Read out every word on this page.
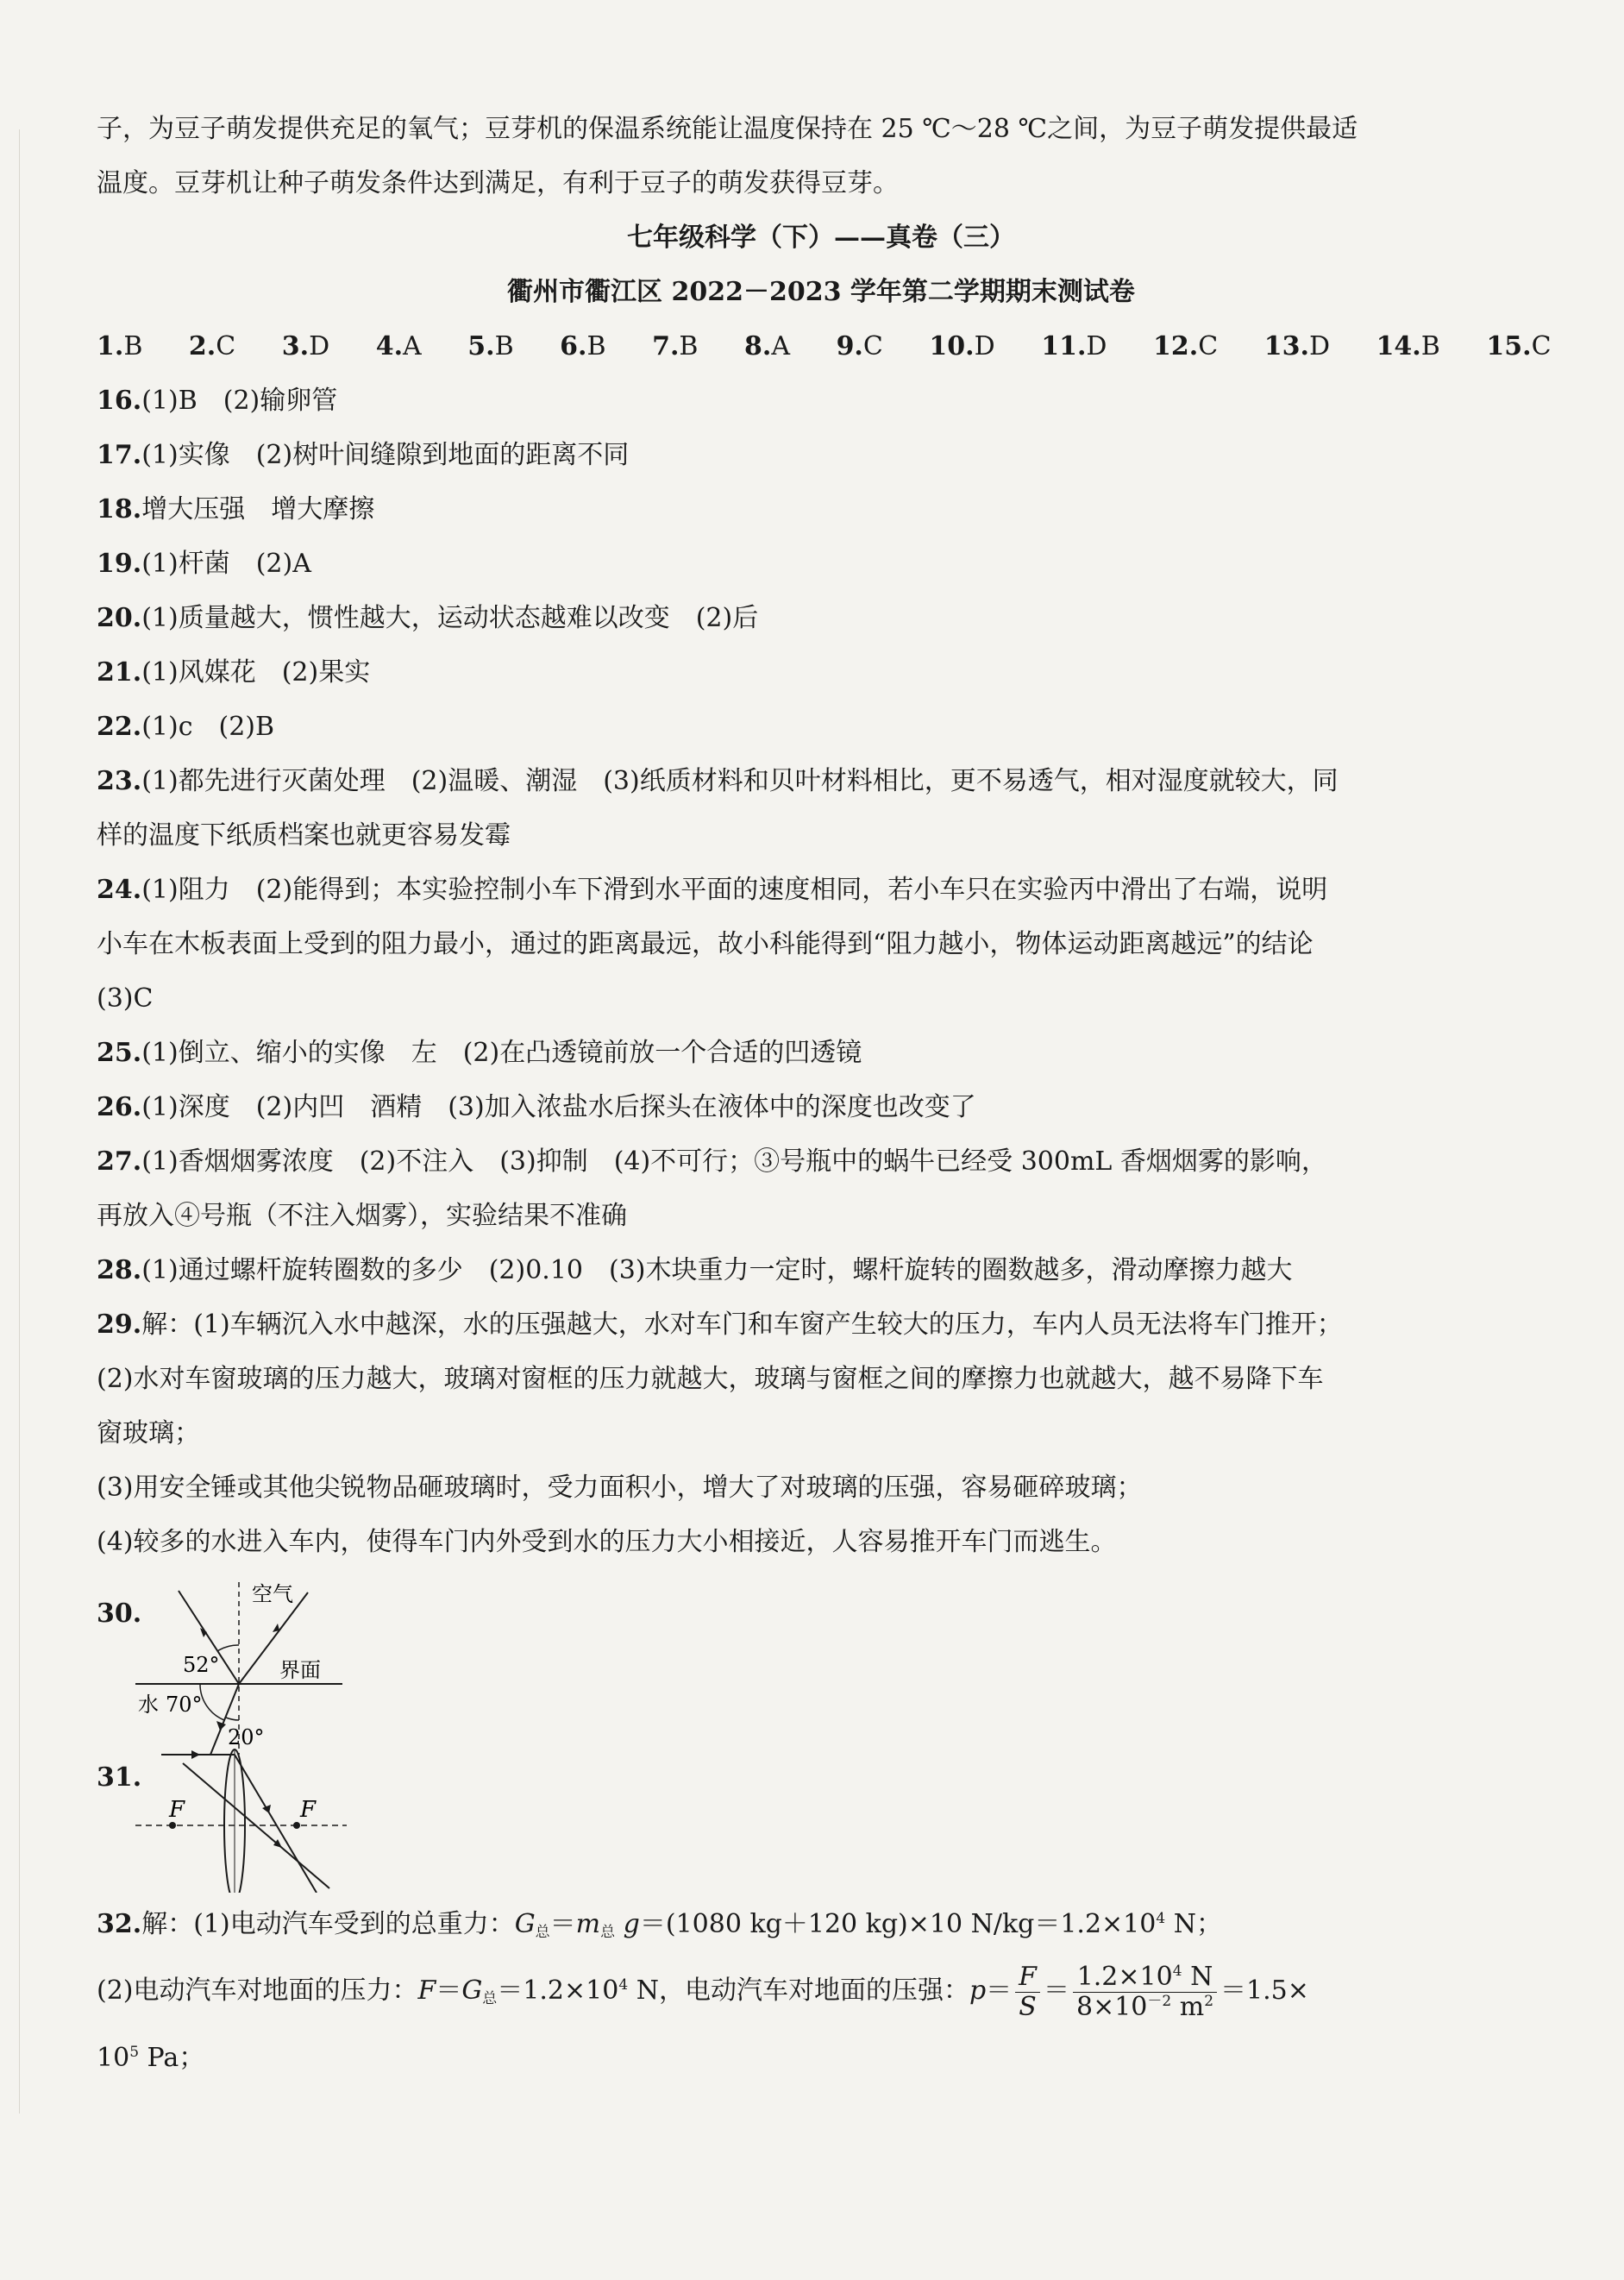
子，为豆子萌发提供充足的氧气；豆芽机的保温系统能让温度保持在 25 ℃～28 ℃之间，为豆子萌发提供最适
温度。豆芽机让种子萌发条件达到满足，有利于豆子的萌发获得豆芽。
七年级科学（下）——真卷（三）
衢州市衢江区 2022－2023 学年第二学期期末测试卷
1.B 2.C 3.D 4.A 5.B 6.B 7.B 8.A 9.C 10.D 11.D 12.C 13.D 14.B 15.C
16.(1)B　(2)输卵管
17.(1)实像　(2)树叶间缝隙到地面的距离不同
18.增大压强　增大摩擦
19.(1)杆菌　(2)A
20.(1)质量越大，惯性越大，运动状态越难以改变　(2)后
21.(1)风媒花　(2)果实
22.(1)c　(2)B
23.(1)都先进行灭菌处理　(2)温暖、潮湿　(3)纸质材料和贝叶材料相比，更不易透气，相对湿度就较大，同
样的温度下纸质档案也就更容易发霉
24.(1)阻力　(2)能得到；本实验控制小车下滑到水平面的速度相同，若小车只在实验丙中滑出了右端，说明
小车在木板表面上受到的阻力最小，通过的距离最远，故小科能得到“阻力越小，物体运动距离越远”的结论
(3)C
25.(1)倒立、缩小的实像　左　(2)在凸透镜前放一个合适的凹透镜
26.(1)深度　(2)内凹　酒精　(3)加入浓盐水后探头在液体中的深度也改变了
27.(1)香烟烟雾浓度　(2)不注入　(3)抑制　(4)不可行；③号瓶中的蜗牛已经受 300mL 香烟烟雾的影响，
再放入④号瓶（不注入烟雾），实验结果不准确
28.(1)通过螺杆旋转圈数的多少　(2)0.10　(3)木块重力一定时，螺杆旋转的圈数越多，滑动摩擦力越大
29.解：(1)车辆沉入水中越深，水的压强越大，水对车门和车窗产生较大的压力，车内人员无法将车门推开；
(2)水对车窗玻璃的压力越大，玻璃对窗框的压力就越大，玻璃与窗框之间的摩擦力也就越大，越不易降下车
窗玻璃；
(3)用安全锤或其他尖锐物品砸玻璃时，受力面积小，增大了对玻璃的压强，容易砸碎玻璃；
(4)较多的水进入车内，使得车门内外受到水的压力大小相接近，人容易推开车门而逃生。
30.
空气
界面
水
52°
70°
20°
31.
F	F
32.解：(1)电动汽车受到的总重力：$G_总=m_总$ g＝(1080 kg＋120 kg)×10 $N/kg=1.2\times 10^4$ N；
(2)电动汽车对地面的压力：$F=G_总=1.2\times 10^4$ N，电动汽车对地面的压强：$p= \frac{F}{S} = \frac{1.2\times 10^4 N}{8\times 10^{-2} m^2} =1.5\times$
$10^5$ Pa；
